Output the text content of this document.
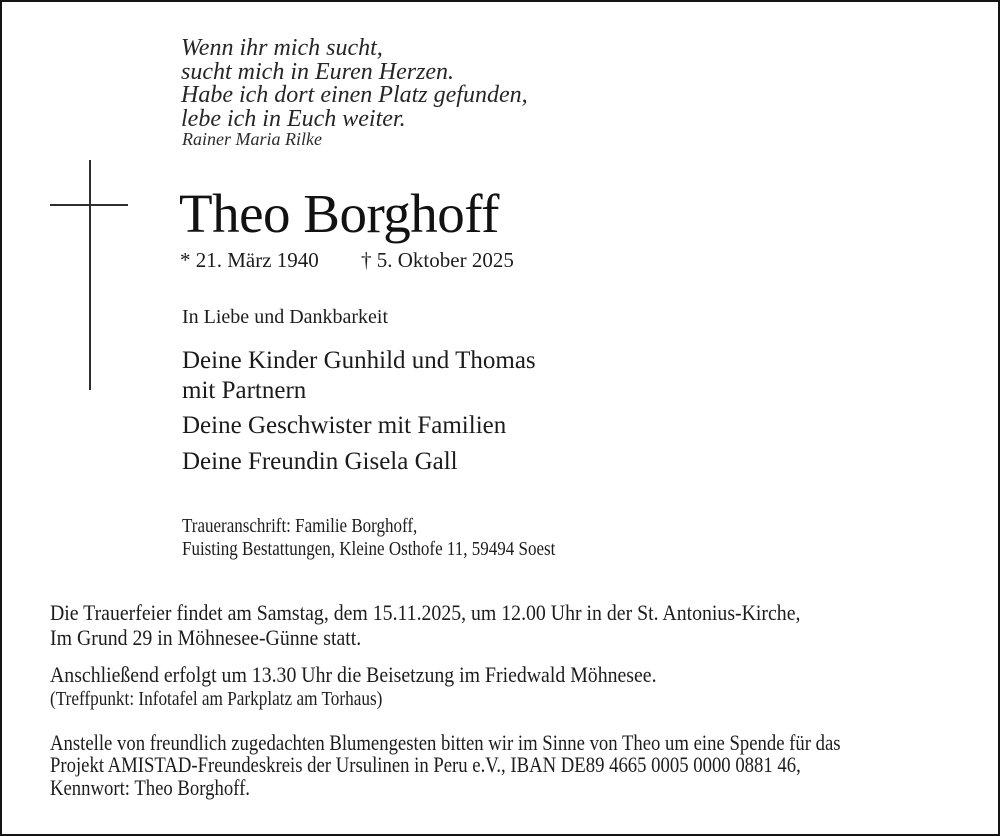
Wenn ihr mich sucht,
sucht mich in Euren Herzen.
Habe ich dort einen Platz gefunden,
lebe ich in Euch weiter.
Rainer Maria Rilke
Theo Borghoff
* 21. März 1940 † 5. Oktober 2025
In Liebe und Dankbarkeit
Deine Kinder Gunhild und Thomas
mit Partnern
Deine Geschwister mit Familien
Deine Freundin Gisela Gall
Traueranschrift: Familie Borghoff,
Fuisting Bestattungen, Kleine Osthofe 11, 59494 Soest
Die Trauerfeier findet am Samstag, dem 15.11.2025, um 12.00 Uhr in der St. Antonius-Kirche,
Im Grund 29 in Möhnesee-Günne statt.
Anschließend erfolgt um 13.30 Uhr die Beisetzung im Friedwald Möhnesee.
(Treffpunkt: Infotafel am Parkplatz am Torhaus)
Anstelle von freundlich zugedachten Blumengesten bitten wir im Sinne von Theo um eine Spende für das
Projekt AMISTAD-Freundeskreis der Ursulinen in Peru e.V., IBAN DE89 4665 0005 0000 0881 46,
Kennwort: Theo Borghoff.
